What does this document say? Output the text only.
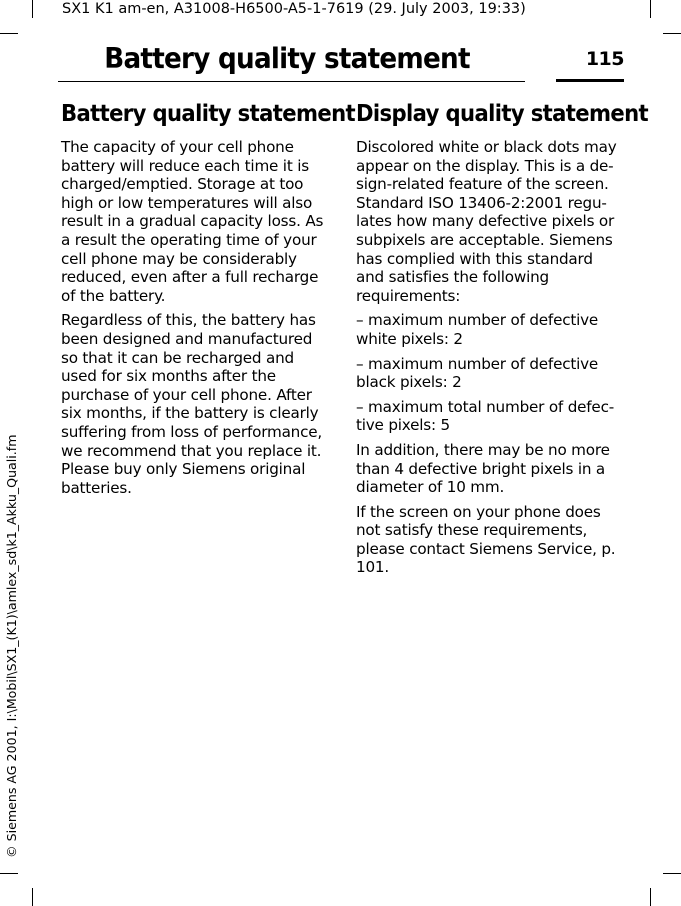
SX1 K1 am-en, A31008-H6500-A5-1-7619 (29. July 2003, 19:33)
© Siemens AG 2001, I:\Mobil\SX1_(K1)\amlex_sd\k1_Akku_Quali.fm
Battery quality statement	115
Battery quality statement

The capacity of your cell phone battery will reduce each time it is charged/emptied. Storage at too high or low temperatures will also result in a gradual capacity loss. As a result the operating time of your cell phone may be considerably reduced, even after a full recharge of the battery.

Regardless of this, the battery has been designed and manufactured so that it can be recharged and used for six months after the purchase of your cell phone. After six months, if the battery is clearly suffering from loss of performance, we recommend that you replace it. Please buy only Siemens original batteries.

Display quality statement

Discolored white or black dots may appear on the display. This is a de-sign-related feature of the screen. Standard ISO 13406-2:2001 regu-lates how many defective pixels or subpixels are acceptable. Siemens has complied with this standard and satisfies the following requirements:

– maximum number of defective white pixels: 2

– maximum number of defective black pixels: 2

– maximum total number of defec-tive pixels: 5

In addition, there may be no more than 4 defective bright pixels in a diameter of 10 mm.

If the screen on your phone does not satisfy these requirements, please contact Siemens Service, p. 101.
